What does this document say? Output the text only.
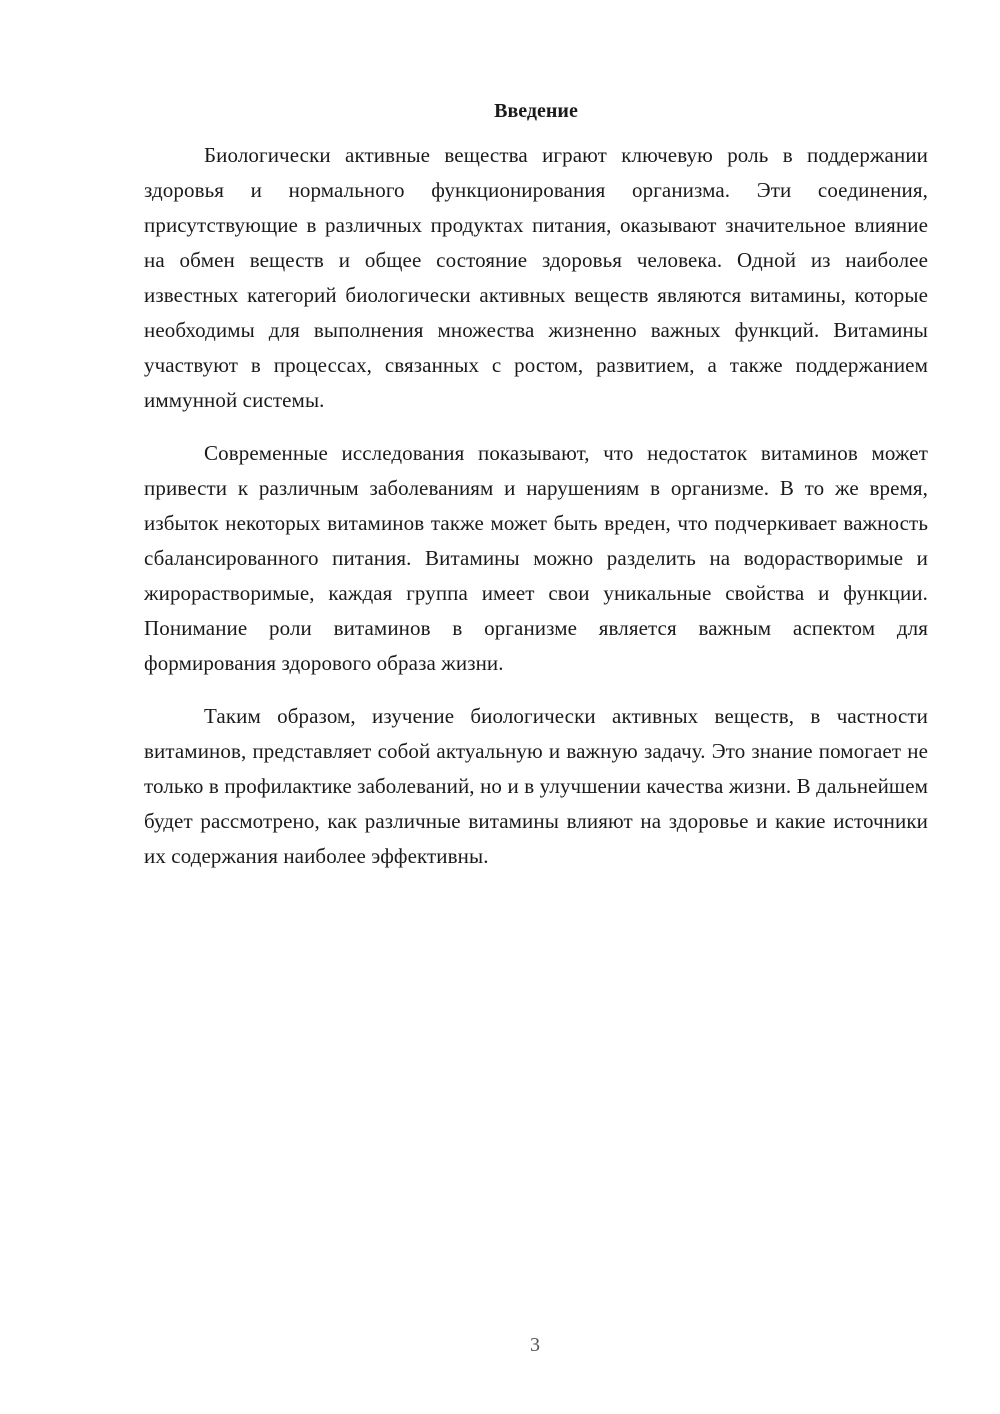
Введение

Биологически активные вещества играют ключевую роль в поддержании здоровья и нормального функционирования организма. Эти соединения, присутствующие в различных продуктах питания, оказывают значительное влияние на обмен веществ и общее состояние здоровья человека. Одной из наиболее известных категорий биологически активных веществ являются витамины, которые необходимы для выполнения множества жизненно важных функций. Витамины участвуют в процессах, связанных с ростом, развитием, а также поддержанием иммунной системы.

Современные исследования показывают, что недостаток витаминов может привести к различным заболеваниям и нарушениям в организме. В то же время, избыток некоторых витаминов также может быть вреден, что подчеркивает важность сбалансированного питания. Витамины можно разделить на водорастворимые и жирорастворимые, каждая группа имеет свои уникальные свойства и функции. Понимание роли витаминов в организме является важным аспектом для формирования здорового образа жизни.

Таким образом, изучение биологически активных веществ, в частности витаминов, представляет собой актуальную и важную задачу. Это знание помогает не только в профилактике заболеваний, но и в улучшении качества жизни. В дальнейшем будет рассмотрено, как различные витамины влияют на здоровье и какие источники их содержания наиболее эффективны.

3
